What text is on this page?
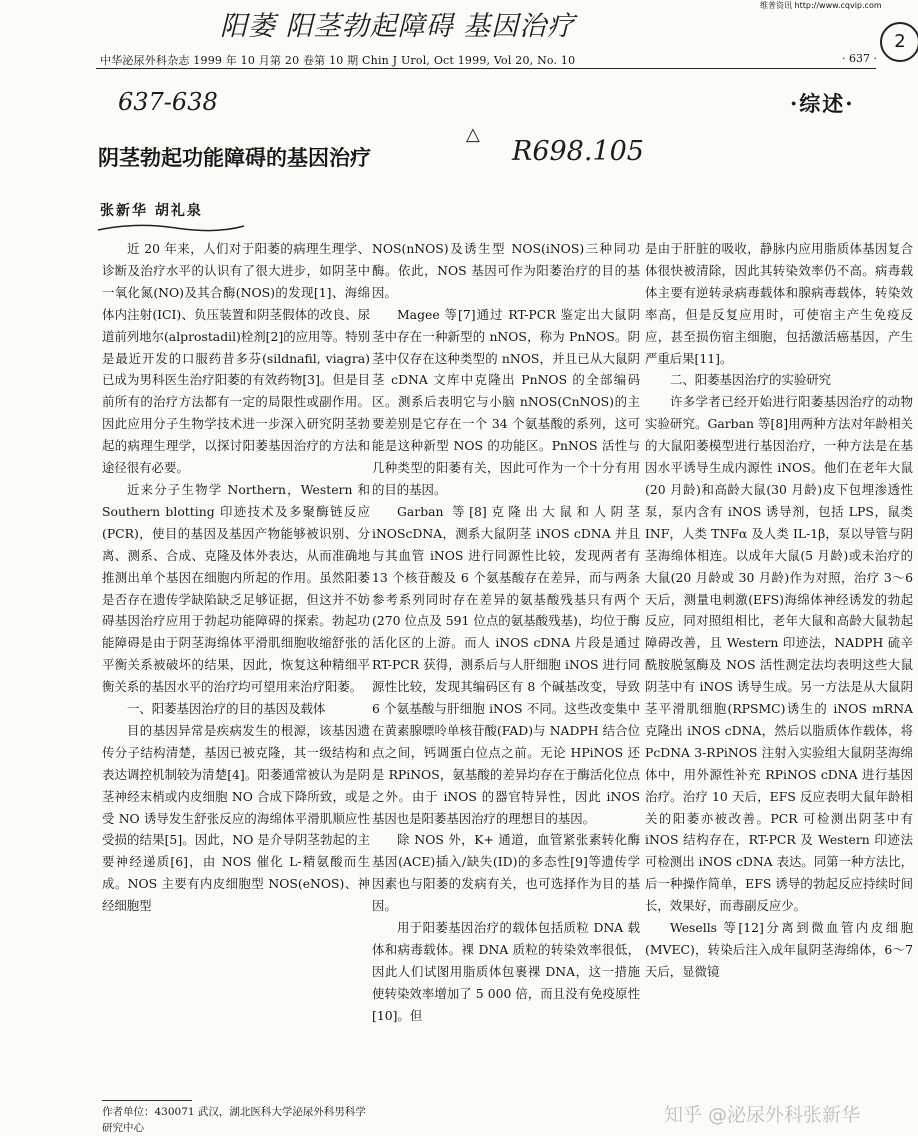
阳萎 阳茎勃起障碍 基因治疗
维普资讯 http://www.cqvip.com
2
中华泌尿外科杂志 1999 年 10 月第 20 卷第 10 期 Chin J Urol, Oct 1999, Vol 20, No. 10	· 637 ·
637-638	·综述·
阴茎勃起功能障碍的基因治疗
△
R698.105
张新华 胡礼泉

近 20 年来，人们对于阳萎的病理生理学、诊断及治疗水平的认识有了很大进步，如阴茎中一氧化氮(NO)及其合酶(NOS)的发现[1]、海绵体内注射(ICI)、负压装置和阴茎假体的改良、尿道前列地尔(alprostadil)栓剂[2]的应用等。特别是最近开发的口服药昔多芬(sildnafil, viagra)已成为男科医生治疗阳萎的有效药物[3]。但是目前所有的治疗方法都有一定的局限性或副作用。因此应用分子生物学技术进一步深入研究阴茎勃起的病理生理学，以探讨阳萎基因治疗的方法和途径很有必要。

近来分子生物学 Northern，Western 和 Southern blotting 印迹技术及多聚酶链反应(PCR)，使目的基因及基因产物能够被识别、分离、测系、合成、克隆及体外表达，从而准确地推测出单个基因在细胞内所起的作用。虽然阳萎是否存在遗传学缺陷缺乏足够证据，但这并不妨碍基因治疗应用于勃起功能障碍的探索。勃起功能障碍是由于阴茎海绵体平滑肌细胞收缩舒张的平衡关系被破坏的结果，因此，恢复这种精细平衡关系的基因水平的治疗均可望用来治疗阳萎。

一、阳萎基因治疗的目的基因及载体

目的基因异常是疾病发生的根源，该基因遗传分子结构清楚，基因已被克隆，其一级结构和表达调控机制较为清楚[4]。阳萎通常被认为是阴茎神经末梢或内皮细胞 NO 合成下降所致，或是受 NO 诱导发生舒张反应的海绵体平滑肌顺应性受损的结果[5]。因此，NO 是介导阴茎勃起的主要神经递质[6]，由 NOS 催化 L-精氨酸而生成。NOS 主要有内皮细胞型 NOS(eNOS)、神经细胞型

NOS(nNOS)及诱生型 NOS(iNOS)三种同功酶。依此，NOS 基因可作为阳萎治疗的目的基因。

Magee 等[7]通过 RT-PCR 鉴定出大鼠阴茎中存在一种新型的 nNOS，称为 PnNOS。阴茎中仅存在这种类型的 nNOS，并且已从大鼠阴茎 cDNA 文库中克隆出 PnNOS 的全部编码区。测系后表明它与小脑 nNOS(CnNOS)的主要差别是它存在一个 34 个氨基酸的系列，这可能是这种新型 NOS 的功能区。PnNOS 活性与几种类型的阳萎有关，因此可作为一个十分有用的目的基因。

Garban 等[8]克隆出大鼠和人阴茎 iNOScDNA，测系大鼠阴茎 iNOS cDNA 并且与其血管 iNOS 进行同源性比较，发现两者有 13 个核苷酸及 6 个氨基酸存在差异，而与两条参考系列同时存在差异的氨基酸残基只有两个(270 位点及 591 位点的氨基酸残基)，均位于酶活化区的上游。而人 iNOS cDNA 片段是通过 RT-PCR 获得，测系后与人肝细胞 iNOS 进行同源性比较，发现其编码区有 8 个碱基改变，导致 6 个氨基酸与肝细胞 iNOS 不同。这些改变集中在黄素腺嘌呤单核苷酸(FAD)与 NADPH 结合位点之间，钙调蛋白位点之前。无论 HPiNOS 还是 RPiNOS，氨基酸的差异均存在于酶活化位点之外。由于 iNOS 的器官特异性，因此 iNOS 基因也是阳萎基因治疗的理想目的基因。

除 NOS 外，K+ 通道，血管紧张素转化酶基因(ACE)插入/缺失(ID)的多态性[9]等遗传学因素也与阳萎的发病有关，也可选择作为目的基因。

用于阳萎基因治疗的载体包括质粒 DNA 载体和病毒载体。裸 DNA 质粒的转染效率很低，因此人们试图用脂质体包裹裸 DNA，这一措施使转染效率增加了 5 000 倍，而且没有免疫原性[10]。但

是由于肝脏的吸收，静脉内应用脂质体基因复合体很快被清除，因此其转染效率仍不高。病毒载体主要有逆转录病毒载体和腺病毒载体，转染效率高，但是反复应用时，可使宿主产生免疫反应，甚至损伤宿主细胞，包括激活癌基因，产生严重后果[11]。

二、阳萎基因治疗的实验研究

许多学者已经开始进行阳萎基因治疗的动物实验研究。Garban 等[8]用两种方法对年龄相关的大鼠阳萎模型进行基因治疗，一种方法是在基因水平诱导生成内源性 iNOS。他们在老年大鼠(20 月龄)和高龄大鼠(30 月龄)皮下包埋渗透性泵，泵内含有 iNOS 诱导剂，包括 LPS，鼠类 INF，人类 TNFα 及人类 IL-1β，泵以导管与阴茎海绵体相连。以成年大鼠(5 月龄)或未治疗的大鼠(20 月龄或 30 月龄)作为对照，治疗 3～6 天后，测量电刺激(EFS)海绵体神经诱发的勃起反应，同对照组相比，老年大鼠和高龄大鼠勃起障碍改善，且 Western 印迹法，NADPH 硫辛酰胺脱氢酶及 NOS 活性测定法均表明这些大鼠阴茎中有 iNOS 诱导生成。另一方法是从大鼠阴茎平滑肌细胞(RPSMC)诱生的 iNOS mRNA 克隆出 iNOS cDNA，然后以脂质体作载体，将 PcDNA 3-RPiNOS 注射入实验组大鼠阴茎海绵体中，用外源性补充 RPiNOS cDNA 进行基因治疗。治疗 10 天后，EFS 反应表明大鼠年龄相关的阳萎亦被改善。PCR 可检测出阴茎中有 iNOS 结构存在，RT-PCR 及 Western 印迹法可检测出 iNOS cDNA 表达。同第一种方法比，后一种操作简单，EFS 诱导的勃起反应持续时间长，效果好，而毒副反应少。

Wesells 等[12]分离到微血管内皮细胞(MVEC)，转染后注入成年鼠阴茎海绵体，6～7 天后，显微镜

作者单位：430071 武汉，湖北医科大学泌尿外科男科学研究中心
知乎 @泌尿外科张新华
